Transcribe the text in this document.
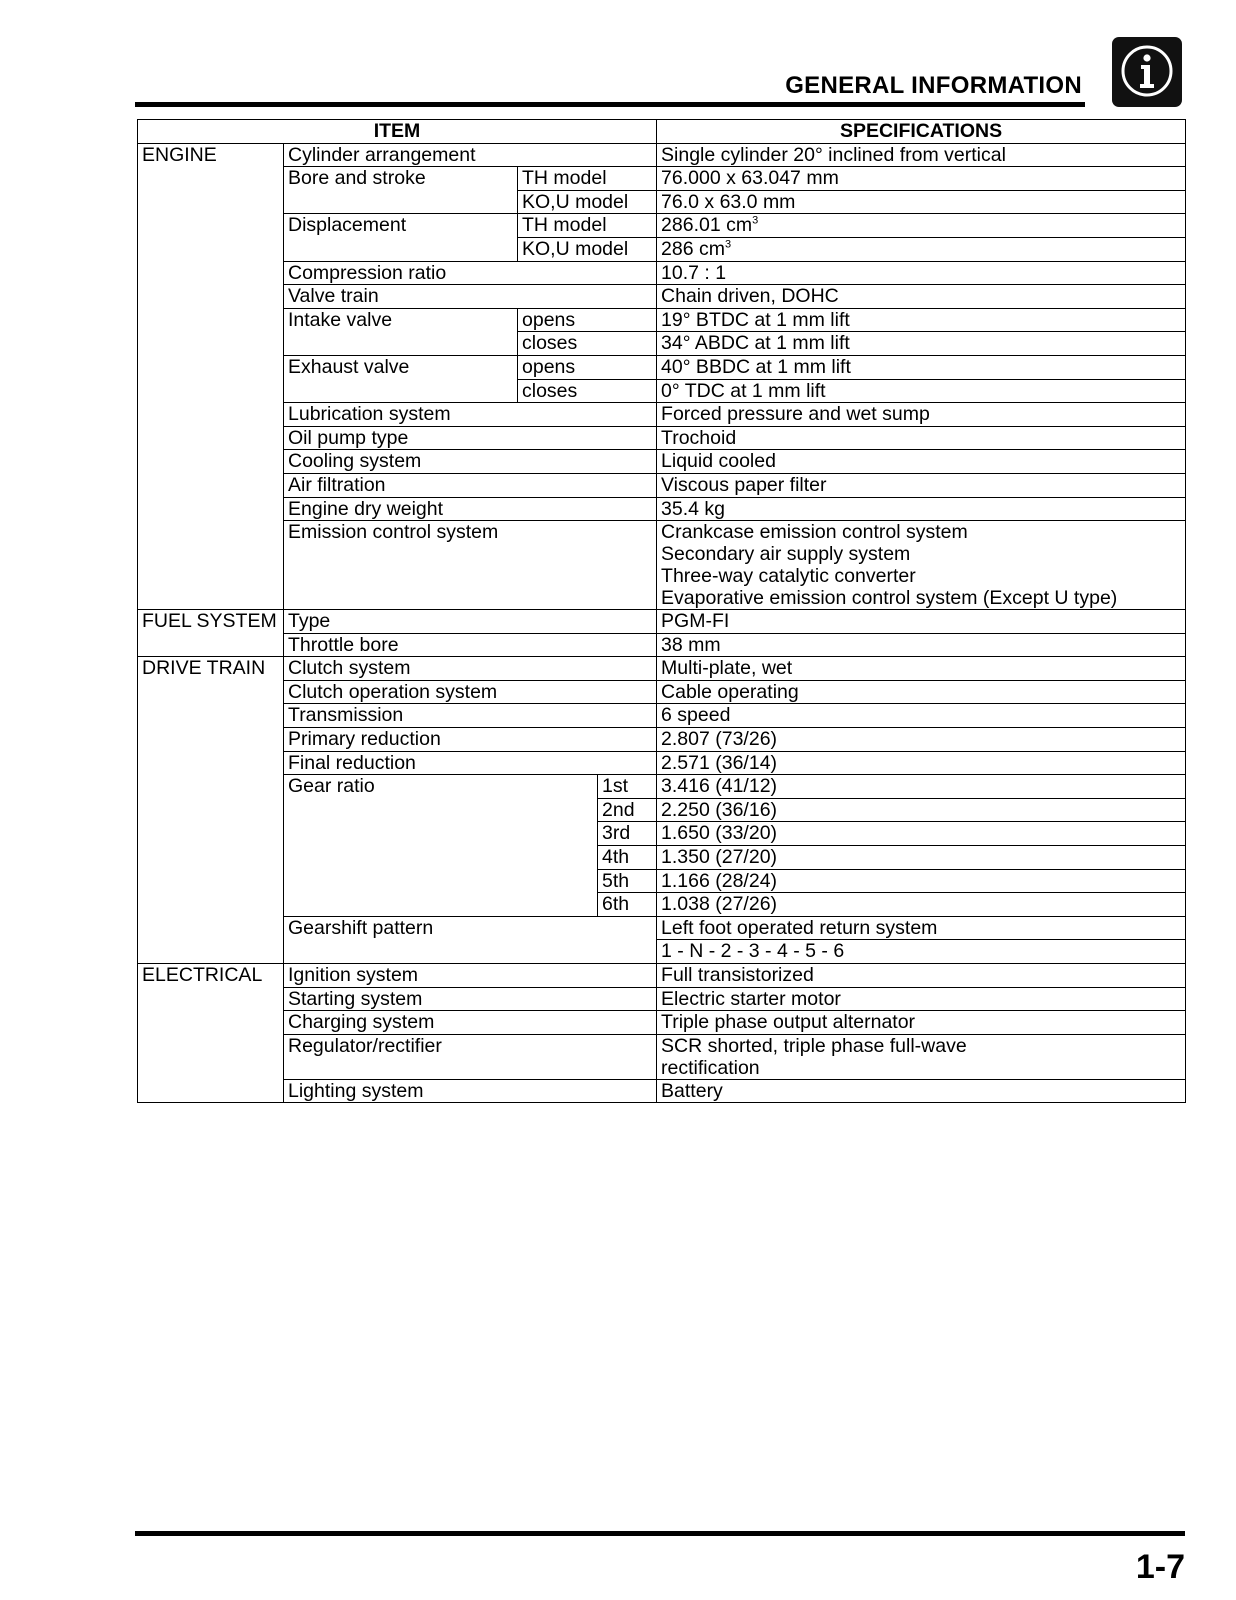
GENERAL INFORMATION
ITEM				SPECIFICATIONS
ENGINE	Cylinder arrangement			Single cylinder 20° inclined from vertical
	Bore and stroke	TH model		76.000 x 63.047 mm
		KO,U model		76.0 x 63.0 mm
	Displacement	TH model		286.01 $cm^3$
		KO,U model		286 $cm^3$
	Compression ratio			10.7 : 1
	Valve train			Chain driven, DOHC
	Intake valve	opens		19° BTDC at 1 mm lift
		closes		34° ABDC at 1 mm lift
	Exhaust valve	opens		40° BBDC at 1 mm lift
		closes		0° TDC at 1 mm lift
	Lubrication system			Forced pressure and wet sump
	Oil pump type			Trochoid
	Cooling system			Liquid cooled
	Air filtration			Viscous paper filter
	Engine dry weight			35.4 kg
	Emission control system			Crankcase emission control system
Secondary air supply system
Three-way catalytic converter
Evaporative emission control system (Except U type)

FUEL SYSTEM	Type			PGM-FI
	Throttle bore			38 mm
DRIVE TRAIN	Clutch system			Multi-plate, wet
	Clutch operation system			Cable operating
	Transmission			6 speed
	Primary reduction			2.807 (73/26)
	Final reduction			2.571 (36/14)
	Gear ratio		1st	3.416 (41/12)
			2nd	2.250 (36/16)
			3rd	1.650 (33/20)
			4th	1.350 (27/20)
			5th	1.166 (28/24)
			6th	1.038 (27/26)
	Gearshift pattern			Left foot operated return system
				1 - N - 2 - 3 - 4 - 5 - 6
ELECTRICAL	Ignition system			Full transistorized
	Starting system			Electric starter motor
	Charging system			Triple phase output alternator
	Regulator/rectifier			SCR shorted, triple phase full-wave
rectification

	Lighting system			Battery
1-7
